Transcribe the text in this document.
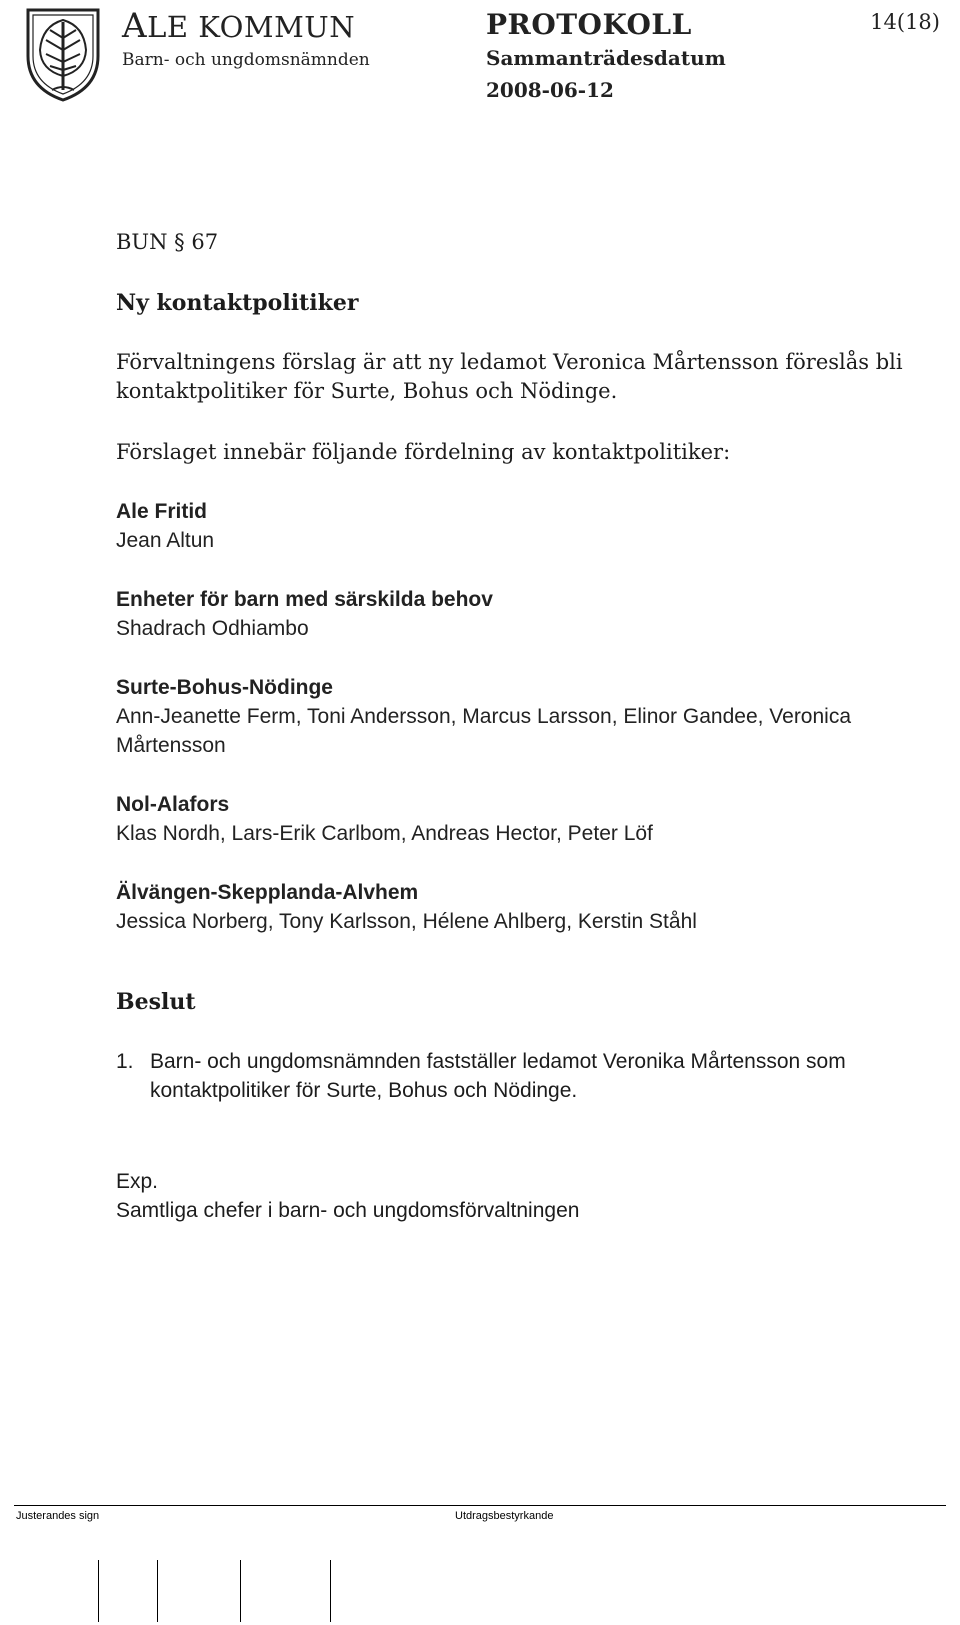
ALE KOMMUN
Barn- och ungdomsnämnden
PROTOKOLL
Sammanträdesdatum
2008-06-12
14(18)

BUN § 67

Ny kontaktpolitiker

Förvaltningens förslag är att ny ledamot Veronica Mårtensson föreslås bli kontaktpolitiker för Surte, Bohus och Nödinge.

Förslaget innebär följande fördelning av kontaktpolitiker:

Ale Fritid
Jean Altun
Enheter för barn med särskilda behov
Shadrach Odhiambo
Surte-Bohus-Nödinge
Ann-Jeanette Ferm, Toni Andersson, Marcus Larsson, Elinor Gandee, Veronica Mårtensson
Nol-Alafors
Klas Nordh, Lars-Erik Carlbom, Andreas Hector, Peter Löf
Älvängen-Skepplanda-Alvhem
Jessica Norberg, Tony Karlsson, Hélene Ahlberg, Kerstin Ståhl

Beslut

1. Barn- och ungdomsnämnden fastställer ledamot Veronika Mårtensson som kontaktpolitiker för Surte, Bohus och Nödinge.

Exp.

Samtliga chefer i barn- och ungdomsförvaltningen

Justerandes sign	Utdragsbestyrkande
